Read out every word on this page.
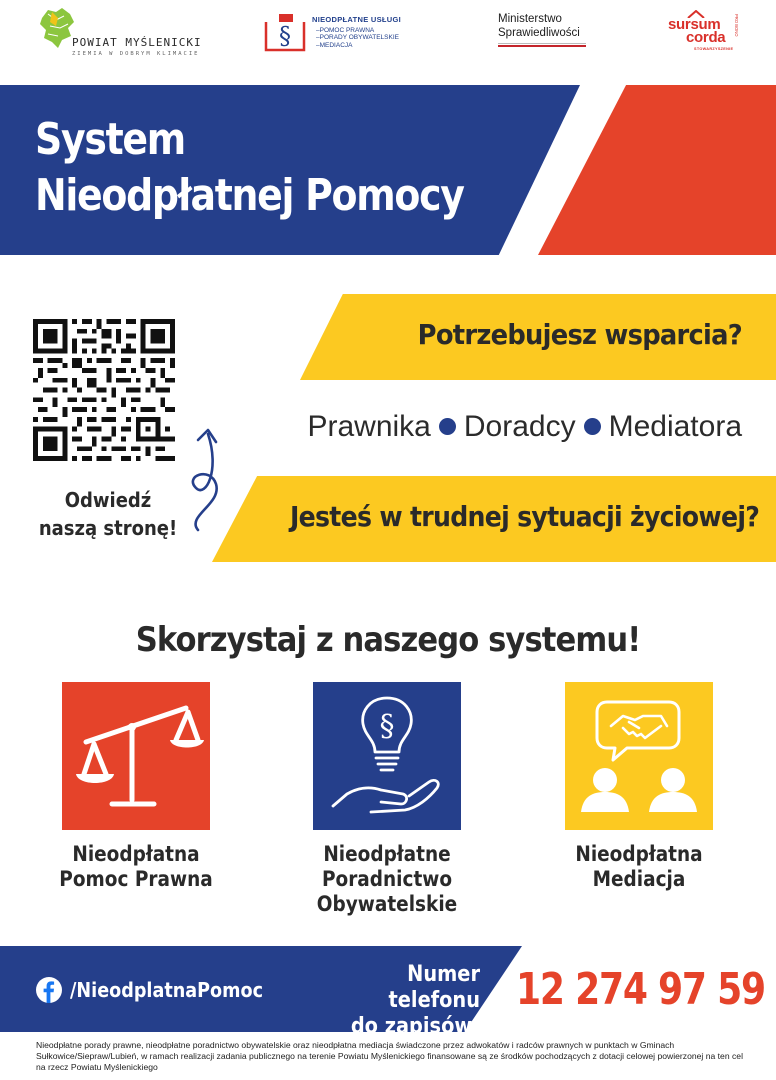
POWIAT MYŚLENICKI
ZIEMIA W DOBRYM KLIMACIE
§
NIEODPŁATNE USŁUGI
–POMOC PRAWNA
–PORADY OBYWATELSKIE
–MEDIACJA
Ministerstwo
Sprawiedliwości	sursum
corda
STOWARZYSZENIE
PRO BONO
System
Nieodpłatnej Pomocy
Odwiedź
naszą stronę!
Potrzebujesz wsparcia?
Prawnika Doradcy Mediatora
Jesteś w trudnej sytuacji życiowej?
Skorzystaj z naszego systemu!
§
Nieodpłatna
Pomoc Prawna
Nieodpłatne
Poradnictwo
Obywatelskie
Nieodpłatna
Mediacja
/NieodplatnaPomoc
Numer telefonu
do zapisów:
12 274 97 59
Nieodpłatne porady prawne, nieodpłatne poradnictwo obywatelskie oraz nieodpłatna mediacja świadczone przez adwokatów i radców prawnych w punktach w Gminach Sułkowice/Siepraw/Lubień, w ramach realizacji zadania publicznego na terenie Powiatu Myślenickiego finansowane są ze środków pochodzących z dotacji celowej powierzonej na ten cel na rzecz Powiatu Myślenickiego
